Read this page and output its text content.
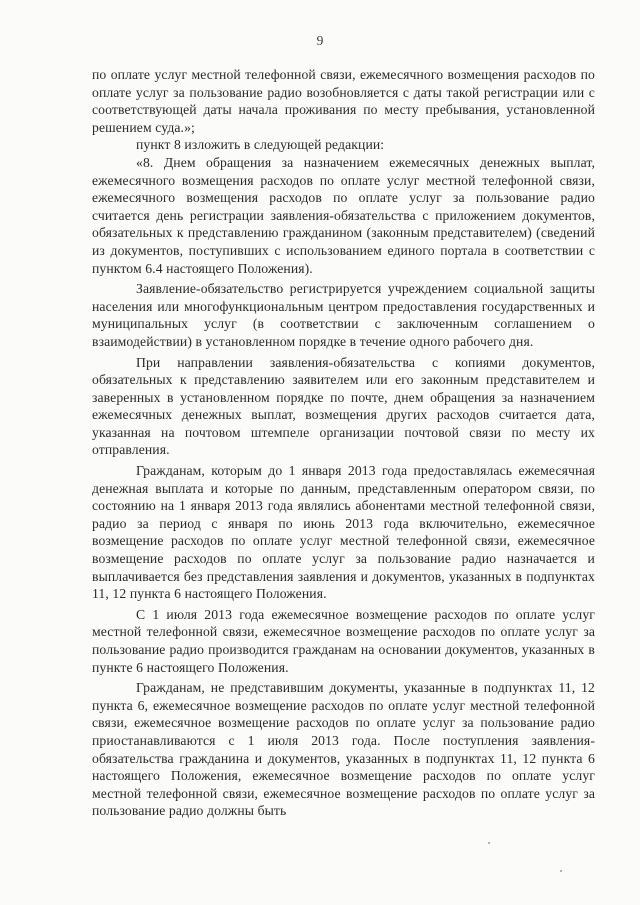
9

по оплате услуг местной телефонной связи, ежемесячного возмещения расходов по оплате услуг за пользование радио возобновляется с даты такой регистрации или с соответствующей даты начала проживания по месту пребывания, установленной решением суда.»;

пункт 8 изложить в следующей редакции:

«8. Днем обращения за назначением ежемесячных денежных выплат, ежемесячного возмещения расходов по оплате услуг местной телефонной связи, ежемесячного возмещения расходов по оплате услуг за пользование радио считается день регистрации заявления-обязательства с приложением документов, обязательных к представлению гражданином (законным представителем) (сведений из документов, поступивших с использованием единого портала в соответствии с пунктом 6.4 настоящего Положения).

Заявление-обязательство регистрируется учреждением социальной защиты населения или многофункциональным центром предоставления государственных и муниципальных услуг (в соответствии с заключенным соглашением о взаимодействии) в установленном порядке в течение одного рабочего дня.

При направлении заявления-обязательства с копиями документов, обязательных к представлению заявителем или его законным представителем и заверенных в установленном порядке по почте, днем обращения за назначением ежемесячных денежных выплат, возмещения других расходов считается дата, указанная на почтовом штемпеле организации почтовой связи по месту их отправления.

Гражданам, которым до 1 января 2013 года предоставлялась ежемесячная денежная выплата и которые по данным, представленным оператором связи, по состоянию на 1 января 2013 года являлись абонентами местной телефонной связи, радио за период с января по июнь 2013 года включительно, ежемесячное возмещение расходов по оплате услуг местной телефонной связи, ежемесячное возмещение расходов по оплате услуг за пользование радио назначается и выплачивается без представления заявления и документов, указанных в подпунктах 11, 12 пункта 6 настоящего Положения.

С 1 июля 2013 года ежемесячное возмещение расходов по оплате услуг местной телефонной связи, ежемесячное возмещение расходов по оплате услуг за пользование радио производится гражданам на основании документов, указанных в пункте 6 настоящего Положения.

Гражданам, не представившим документы, указанные в подпунктах 11, 12 пункта 6, ежемесячное возмещение расходов по оплате услуг местной телефонной связи, ежемесячное возмещение расходов по оплате услуг за пользование радио приостанавливаются с 1 июля 2013 года. После поступления заявления-обязательства гражданина и документов, указанных в подпунктах 11, 12 пункта 6 настоящего Положения, ежемесячное возмещение расходов по оплате услуг местной телефонной связи, ежемесячное возмещение расходов по оплате услуг за пользование радио должны быть
